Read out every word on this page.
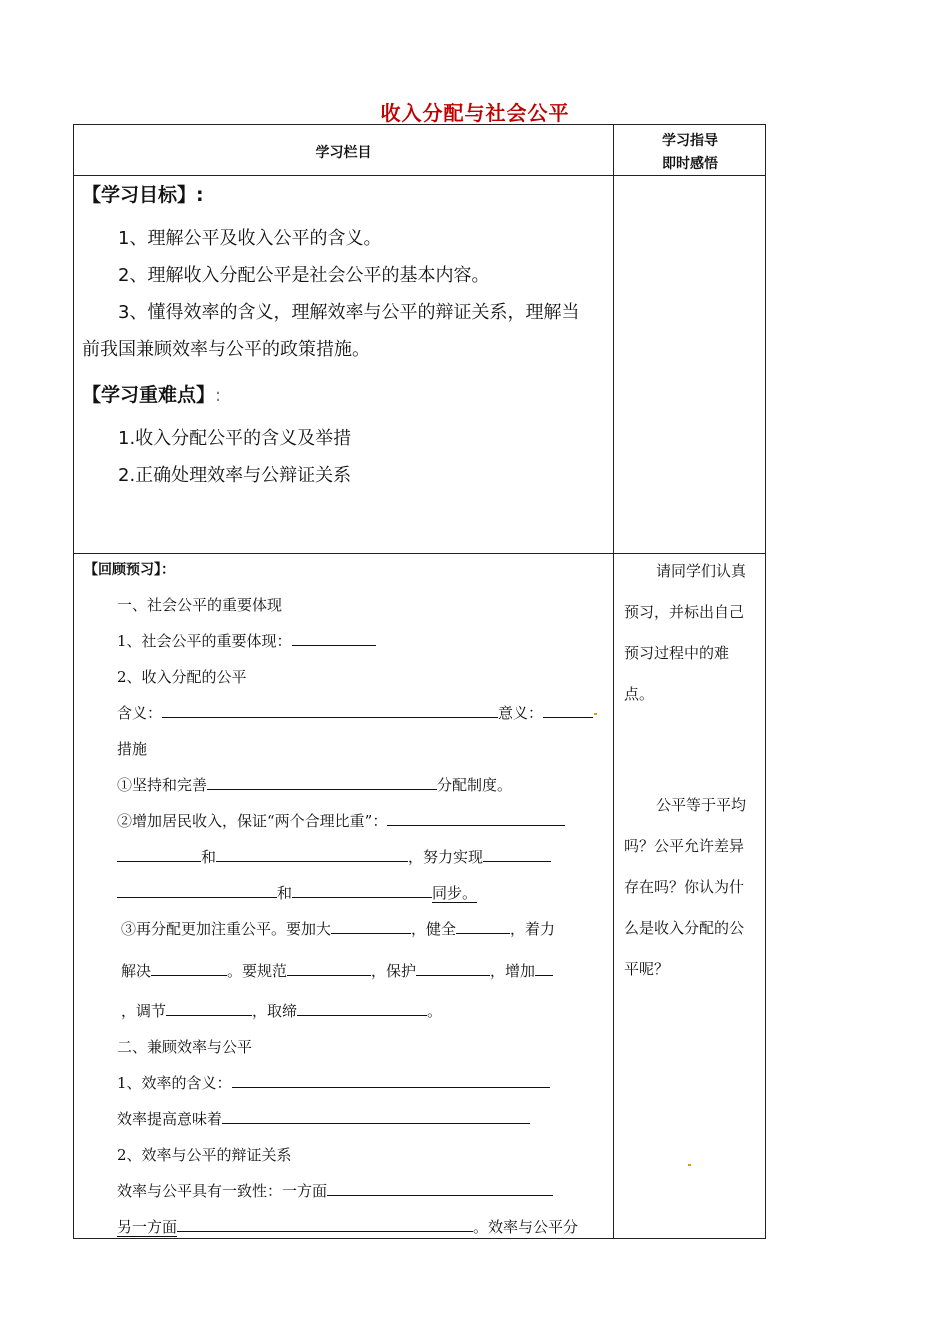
收入分配与社会公平
学习栏目
学习指导
即时感悟
【学习目标】:
1、理解公平及收入公平的含义。
2、理解收入分配公平是社会公平的基本内容。
3、懂得效率的含义，理解效率与公平的辩证关系，理解当
前我国兼顾效率与公平的政策措施。
【学习重难点】:
1.收入分配公平的含义及举措
2.正确处理效率与公辩证关系
【回顾预习】：
一、社会公平的重要体现
1、社会公平的重要体现：
2、收入分配的公平
含义：	意义：
措施
①坚持和完善	分配制度。
②增加居民收入，保证“两个合理比重”：
和	，努力实现
和	同步。
③再分配更加注重公平。要加大	，健全	，着力
解决	。要规范	，保护	，增加
，调节	，取缔	。
二、兼顾效率与公平
1、效率的含义：
效率提高意味着
2、效率与公平的辩证关系
效率与公平具有一致性：一方面
另一方面	。效率与公平分
请同学们认真
预习，并标出自己
预习过程中的难
点。
公平等于平均
吗？公平允许差异
存在吗？你认为什
么是收入分配的公
平呢？
